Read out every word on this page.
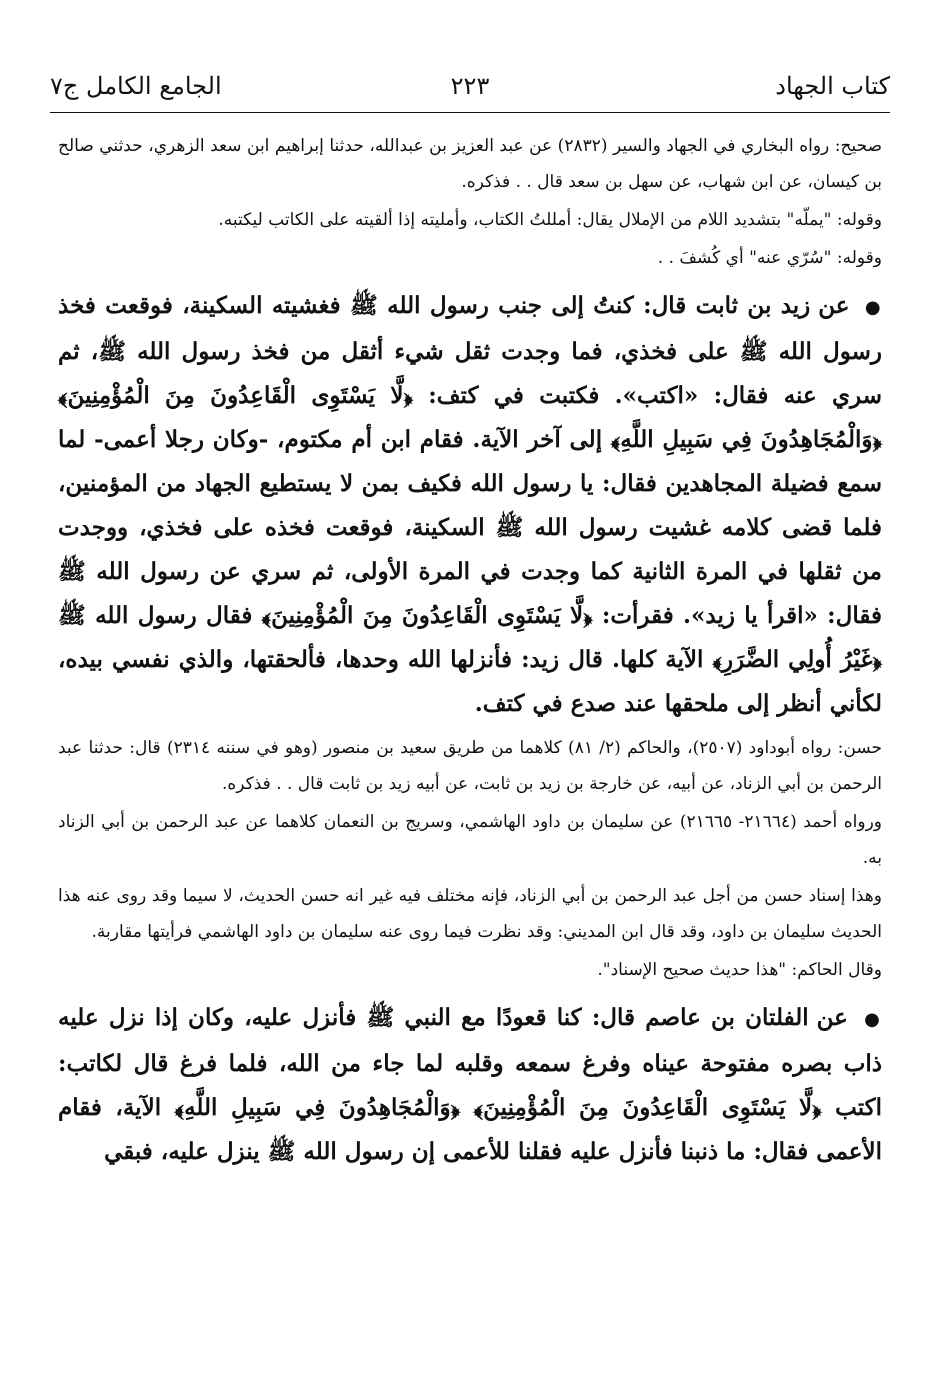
كتاب الجهاد
٢٢٣
الجامع الكامل ج٧

صحيح: رواه البخاري في الجهاد والسير (٢٨٣٢) عن عبد العزيز بن عبدالله، حدثنا إبراهيم ابن سعد الزهري، حدثني صالح بن كيسان، عن ابن شهاب، عن سهل بن سعد قال . . فذكره.

وقوله: "يملّه" بتشديد اللام من الإملال يقال: أمللتُ الكتاب، وأمليته إذا ألقيته على الكاتب ليكتبه.

وقوله: "سُرّي عنه" أي كُشفَ . .

● عن زيد بن ثابت قال: كنتُ إلى جنب رسول الله ﷺ فغشيته السكينة، فوقعت فخذ رسول الله ﷺ على فخذي، فما وجدت ثقل شيء أثقل من فخذ رسول الله ﷺ، ثم سري عنه فقال: «اكتب». فكتبت في كتف: ﴿لَّا يَسْتَوِى الْقَاعِدُونَ مِنَ الْمُؤْمِنِينَ﴾ ﴿وَالْمُجَاهِدُونَ فِي سَبِيلِ اللَّهِ﴾ إلى آخر الآية. فقام ابن أم مكتوم، -وكان رجلا أعمى- لما سمع فضيلة المجاهدين فقال: يا رسول الله فكيف بمن لا يستطيع الجهاد من المؤمنين، فلما قضى كلامه غشيت رسول الله ﷺ السكينة، فوقعت فخذه على فخذي، ووجدت من ثقلها في المرة الثانية كما وجدت في المرة الأولى، ثم سري عن رسول الله ﷺ فقال: «اقرأ يا زيد». فقرأت: ﴿لَّا يَسْتَوِى الْقَاعِدُونَ مِنَ الْمُؤْمِنِينَ﴾ فقال رسول الله ﷺ ﴿غَيْرُ أُولِي الضَّرَرِ﴾ الآية كلها. قال زيد: فأنزلها الله وحدها، فألحقتها، والذي نفسي بيده، لكأني أنظر إلى ملحقها عند صدع في كتف.

حسن: رواه أبوداود (٢٥٠٧)، والحاكم (٢/ ٨١) كلاهما من طريق سعيد بن منصور (وهو في سننه ٢٣١٤) قال: حدثنا عبد الرحمن بن أبي الزناد، عن أبيه، عن خارجة بن زيد بن ثابت، عن أبيه زيد بن ثابت قال . . فذكره.

ورواه أحمد (٢١٦٦٤- ٢١٦٦٥) عن سليمان بن داود الهاشمي، وسريج بن النعمان كلاهما عن عبد الرحمن بن أبي الزناد به.

وهذا إسناد حسن من أجل عبد الرحمن بن أبي الزناد، فإنه مختلف فيه غير انه حسن الحديث، لا سيما وقد روى عنه هذا الحديث سليمان بن داود، وقد قال ابن المديني: وقد نظرت فيما روى عنه سليمان بن داود الهاشمي فرأيتها مقاربة.

وقال الحاكم: "هذا حديث صحيح الإسناد".

● عن الفلتان بن عاصم قال: كنا قعودًا مع النبي ﷺ فأنزل عليه، وكان إذا نزل عليه ذاب بصره مفتوحة عيناه وفرغ سمعه وقلبه لما جاء من الله، فلما فرغ قال لكاتب: اكتب ﴿لَّا يَسْتَوِى الْقَاعِدُونَ مِنَ الْمُؤْمِنِينَ﴾ ﴿وَالْمُجَاهِدُونَ فِي سَبِيلِ اللَّهِ﴾ الآية، فقام الأعمى فقال: ما ذنبنا فأنزل عليه فقلنا للأعمى إن رسول الله ﷺ ينزل عليه، فبقي
